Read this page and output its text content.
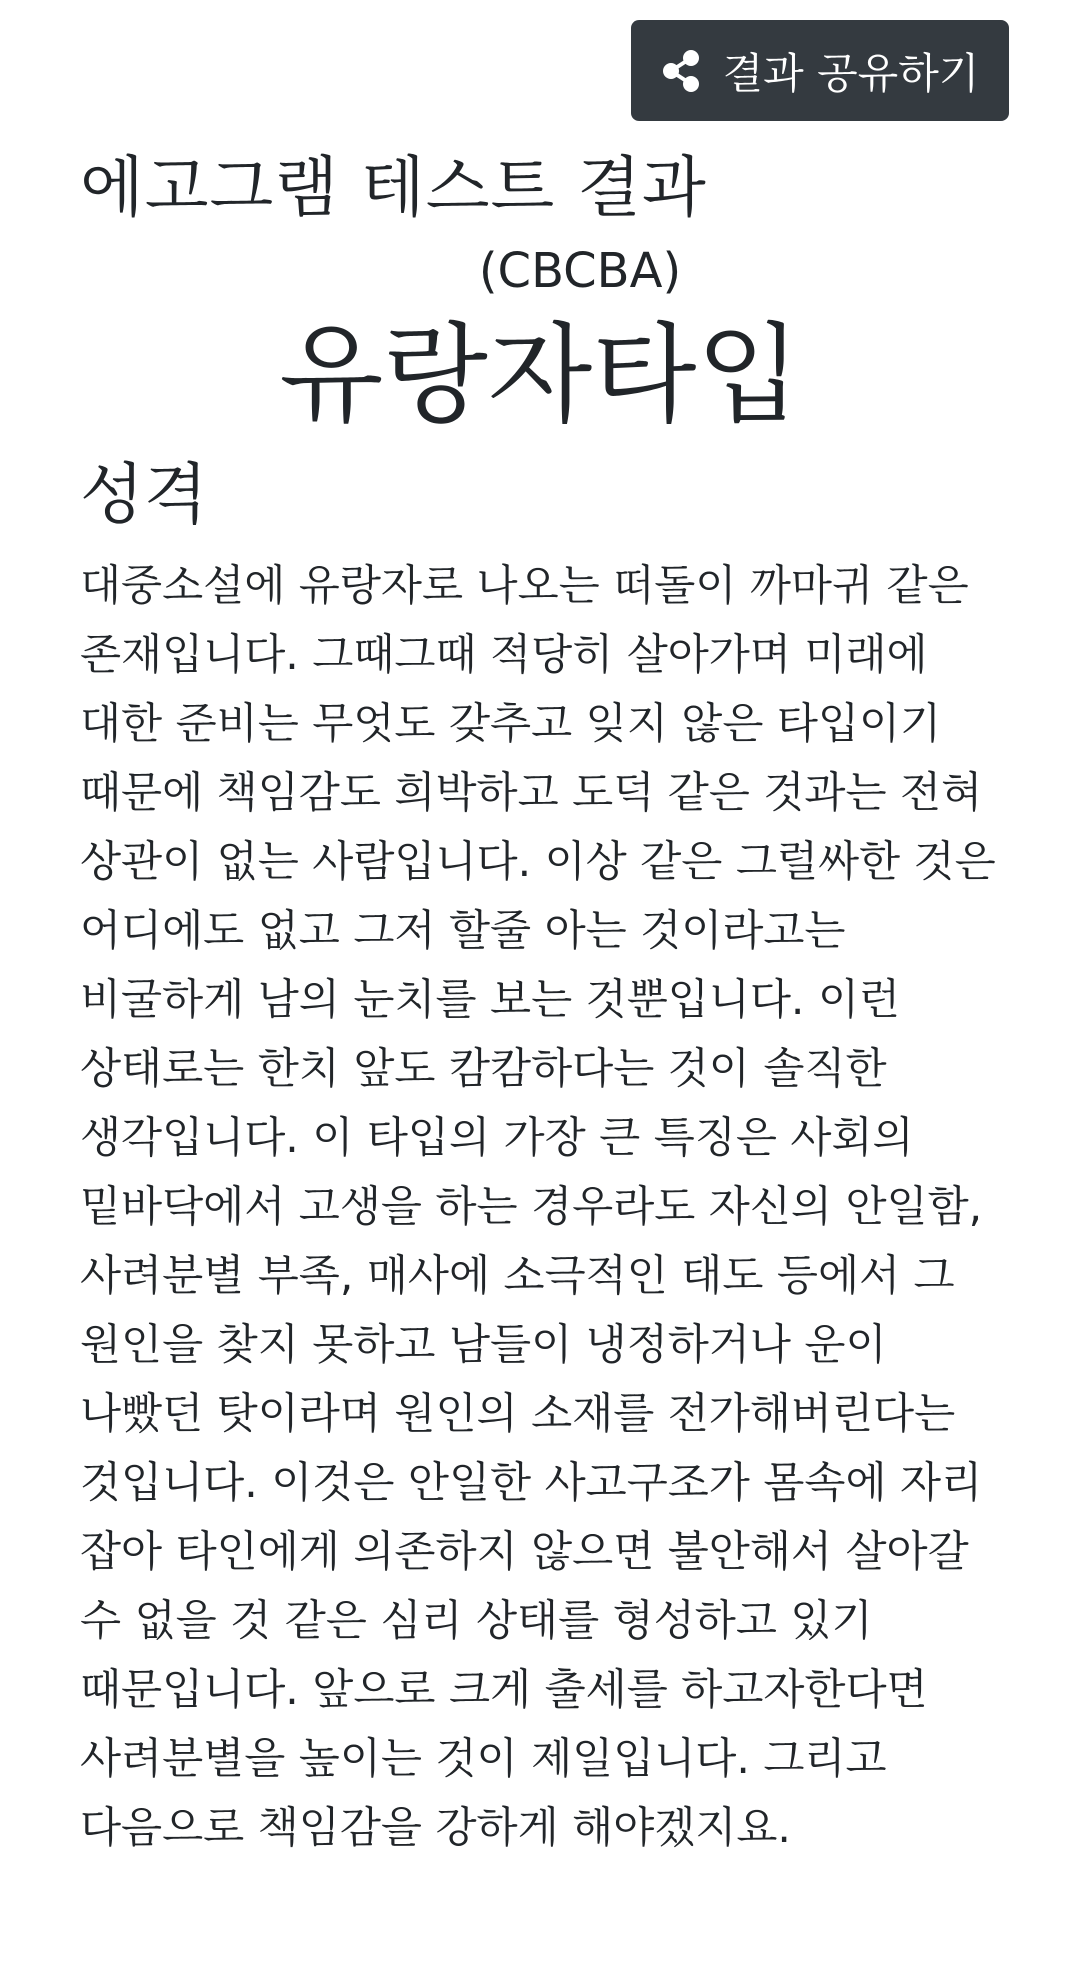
결과 공유하기
에고그램 테스트 결과
(CBCBA)
유랑자타입
성격

대중소설에 유랑자로 나오는 떠돌이 까마귀 같은 존재입니다. 그때그때 적당히 살아가며 미래에 대한 준비는 무엇도 갖추고 잊지 않은 타입이기 때문에 책임감도 희박하고 도덕 같은 것과는 전혀 상관이 없는 사람입니다. 이상 같은 그럴싸한 것은 어디에도 없고 그저 할줄 아는 것이라고는 비굴하게 남의 눈치를 보는 것뿐입니다. 이런 상태로는 한치 앞도 캄캄하다는 것이 솔직한 생각입니다. 이 타입의 가장 큰 특징은 사회의 밑바닥에서 고생을 하는 경우라도 자신의 안일함, 사려분별 부족, 매사에 소극적인 태도 등에서 그 원인을 찾지 못하고 남들이 냉정하거나 운이 나빴던 탓이라며 원인의 소재를 전가해버린다는 것입니다. 이것은 안일한 사고구조가 몸속에 자리 잡아 타인에게 의존하지 않으면 불안해서 살아갈 수 없을 것 같은 심리 상태를 형성하고 있기 때문입니다. 앞으로 크게 출세를 하고자한다면 사려분별을 높이는 것이 제일입니다. 그리고 다음으로 책임감을 강하게 해야겠지요.
